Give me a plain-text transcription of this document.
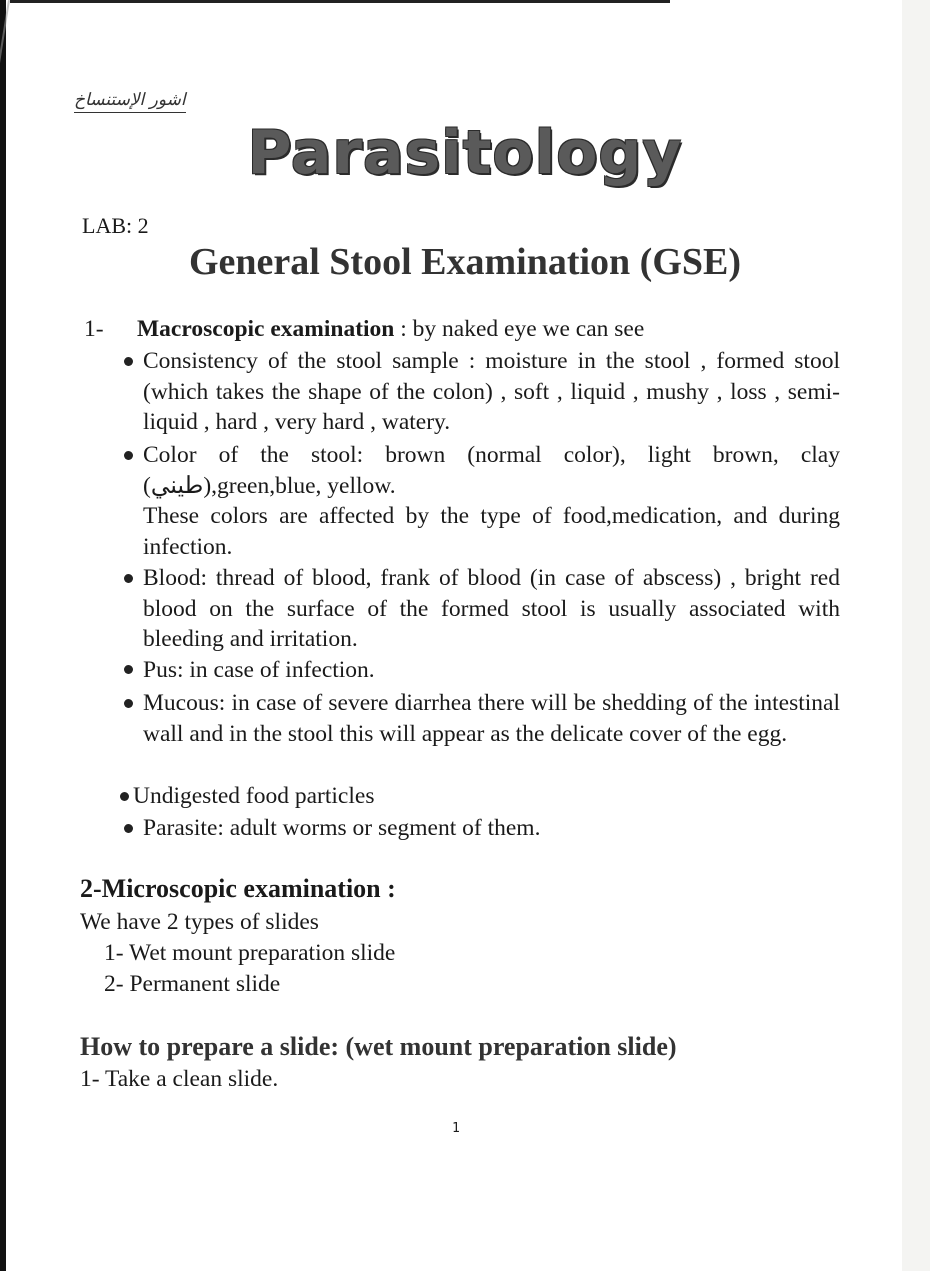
اشور الإستنساخ
Parasitology
LAB: 2
General Stool Examination (GSE)
1- Macroscopic examination : by naked eye we can see

Consistency of the stool sample : moisture in the stool , formed stool (which takes the shape of the colon) , soft , liquid , mushy , loss , semi-liquid , hard , very hard , watery.

Color of the stool: brown (normal color), light brown, clay (طيني),green,blue, yellow.

These colors are affected by the type of food,medication, and during infection.

Blood: thread of blood, frank of blood (in case of abscess) , bright red blood on the surface of the formed stool is usually associated with bleeding and irritation.

Pus: in case of infection.

Mucous: in case of severe diarrhea there will be shedding of the intestinal wall and in the stool this will appear as the delicate cover of the egg.

Undigested food particles

Parasite: adult worms or segment of them.

2-Microscopic examination :
We have 2 types of slides
1- Wet mount preparation slide
2- Permanent slide
How to prepare a slide: (wet mount preparation slide)
1- Take a clean slide.
1
